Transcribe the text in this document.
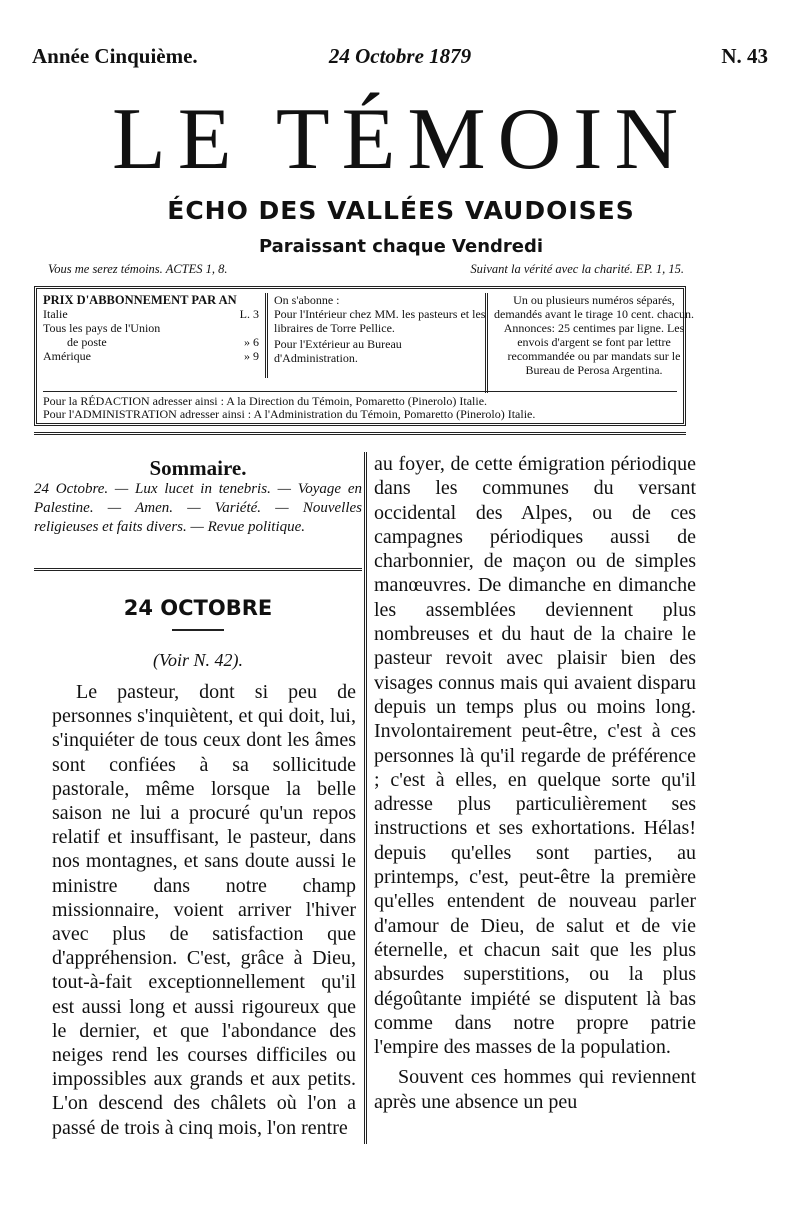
Année Cinquième.	24 Octobre 1879	N. 43
LE TÉMOIN
ÉCHO DES VALLÉES VAUDOISES
Paraissant chaque Vendredi
Vous me serez témoins. ACTES 1, 8.	Suivant la vérité avec la charité. EP. 1, 15.
PRIX D'ABBONNEMENT PAR AN
Italie	L. 3
Tous les pays de l'Union
de poste	» 6
Amérique	» 9
On s'abonne :
Pour l'Intérieur chez MM. les pasteurs et les libraires de Torre Pellice.
Pour l'Extérieur au Bureau d'Administration.
Un ou plusieurs numéros séparés, demandés avant le tirage 10 cent. chacun. Annonces: 25 centimes par ligne. Les envois d'argent se font par lettre recommandée ou par mandats sur le Bureau de Perosa Argentina.
Pour la RÉDACTION adresser ainsi : A la Direction du Témoin, Pomaretto (Pinerolo) Italie.
Pour l'ADMINISTRATION adresser ainsi : A l'Administration du Témoin, Pomaretto (Pinerolo) Italie.
Sommaire.
24 Octobre. — Lux lucet in tenebris. — Voyage en Palestine. — Amen. — Variété. — Nouvelles religieuses et faits divers. — Revue politique.
24 OCTOBRE
(Voir N. 42).

Le pasteur, dont si peu de personnes s'inquiètent, et qui doit, lui, s'inquiéter de tous ceux dont les âmes sont confiées à sa sollicitude pastorale, même lorsque la belle saison ne lui a procuré qu'un repos relatif et insuffisant, le pasteur, dans nos montagnes, et sans doute aussi le ministre dans notre champ missionnaire, voient arriver l'hiver avec plus de satisfaction que d'appréhension. C'est, grâce à Dieu, tout-à-fait exceptionnellement qu'il est aussi long et aussi rigoureux que le dernier, et que l'abondance des neiges rend les courses difficiles ou impossibles aux grands et aux petits. L'on descend des châlets où l'on a passé de trois à cinq mois, l'on rentre

au foyer, de cette émigration périodique dans les communes du versant occidental des Alpes, ou de ces campagnes périodiques aussi de charbonnier, de maçon ou de simples manœuvres. De dimanche en dimanche les assemblées deviennent plus nombreuses et du haut de la chaire le pasteur revoit avec plaisir bien des visages connus mais qui avaient disparu depuis un temps plus ou moins long. Involontairement peut-être, c'est à ces personnes là qu'il regarde de préférence ; c'est à elles, en quelque sorte qu'il adresse plus particulièrement ses instructions et ses exhortations. Hélas! depuis qu'elles sont parties, au printemps, c'est, peut-être la première qu'elles entendent de nouveau parler d'amour de Dieu, de salut et de vie éternelle, et chacun sait que les plus absurdes superstitions, ou la plus dégoûtante impiété se disputent là bas comme dans notre propre patrie l'empire des masses de la population.

Souvent ces hommes qui reviennent après une absence un peu
